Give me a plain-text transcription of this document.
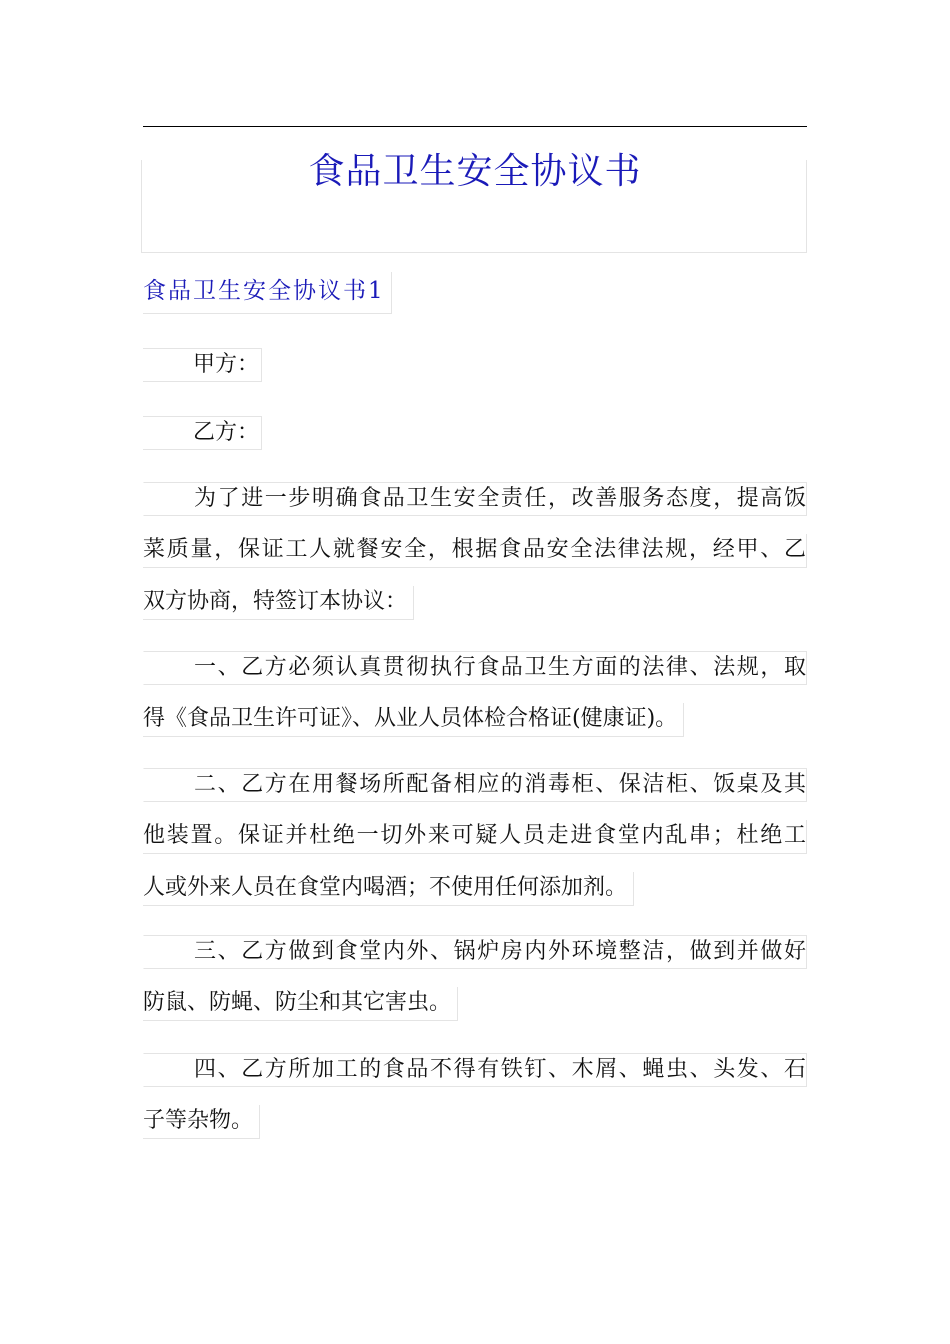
食品卫生安全协议书
食品卫生安全协议书1
甲方：
乙方：
为了进一步明确食品卫生安全责任，改善服务态度，提高饭
菜质量，保证工人就餐安全，根据食品安全法律法规，经甲、乙
双方协商，特签订本协议：
一、乙方必须认真贯彻执行食品卫生方面的法律、法规，取
得《食品卫生许可证》、从业人员体检合格证(健康证)。
二、乙方在用餐场所配备相应的消毒柜、保洁柜、饭桌及其
他装置。保证并杜绝一切外来可疑人员走进食堂内乱串；杜绝工
人或外来人员在食堂内喝酒；不使用任何添加剂。
三、乙方做到食堂内外、锅炉房内外环境整洁，做到并做好
防鼠、防蝇、防尘和其它害虫。
四、乙方所加工的食品不得有铁钉、木屑、蝇虫、头发、石
子等杂物。
